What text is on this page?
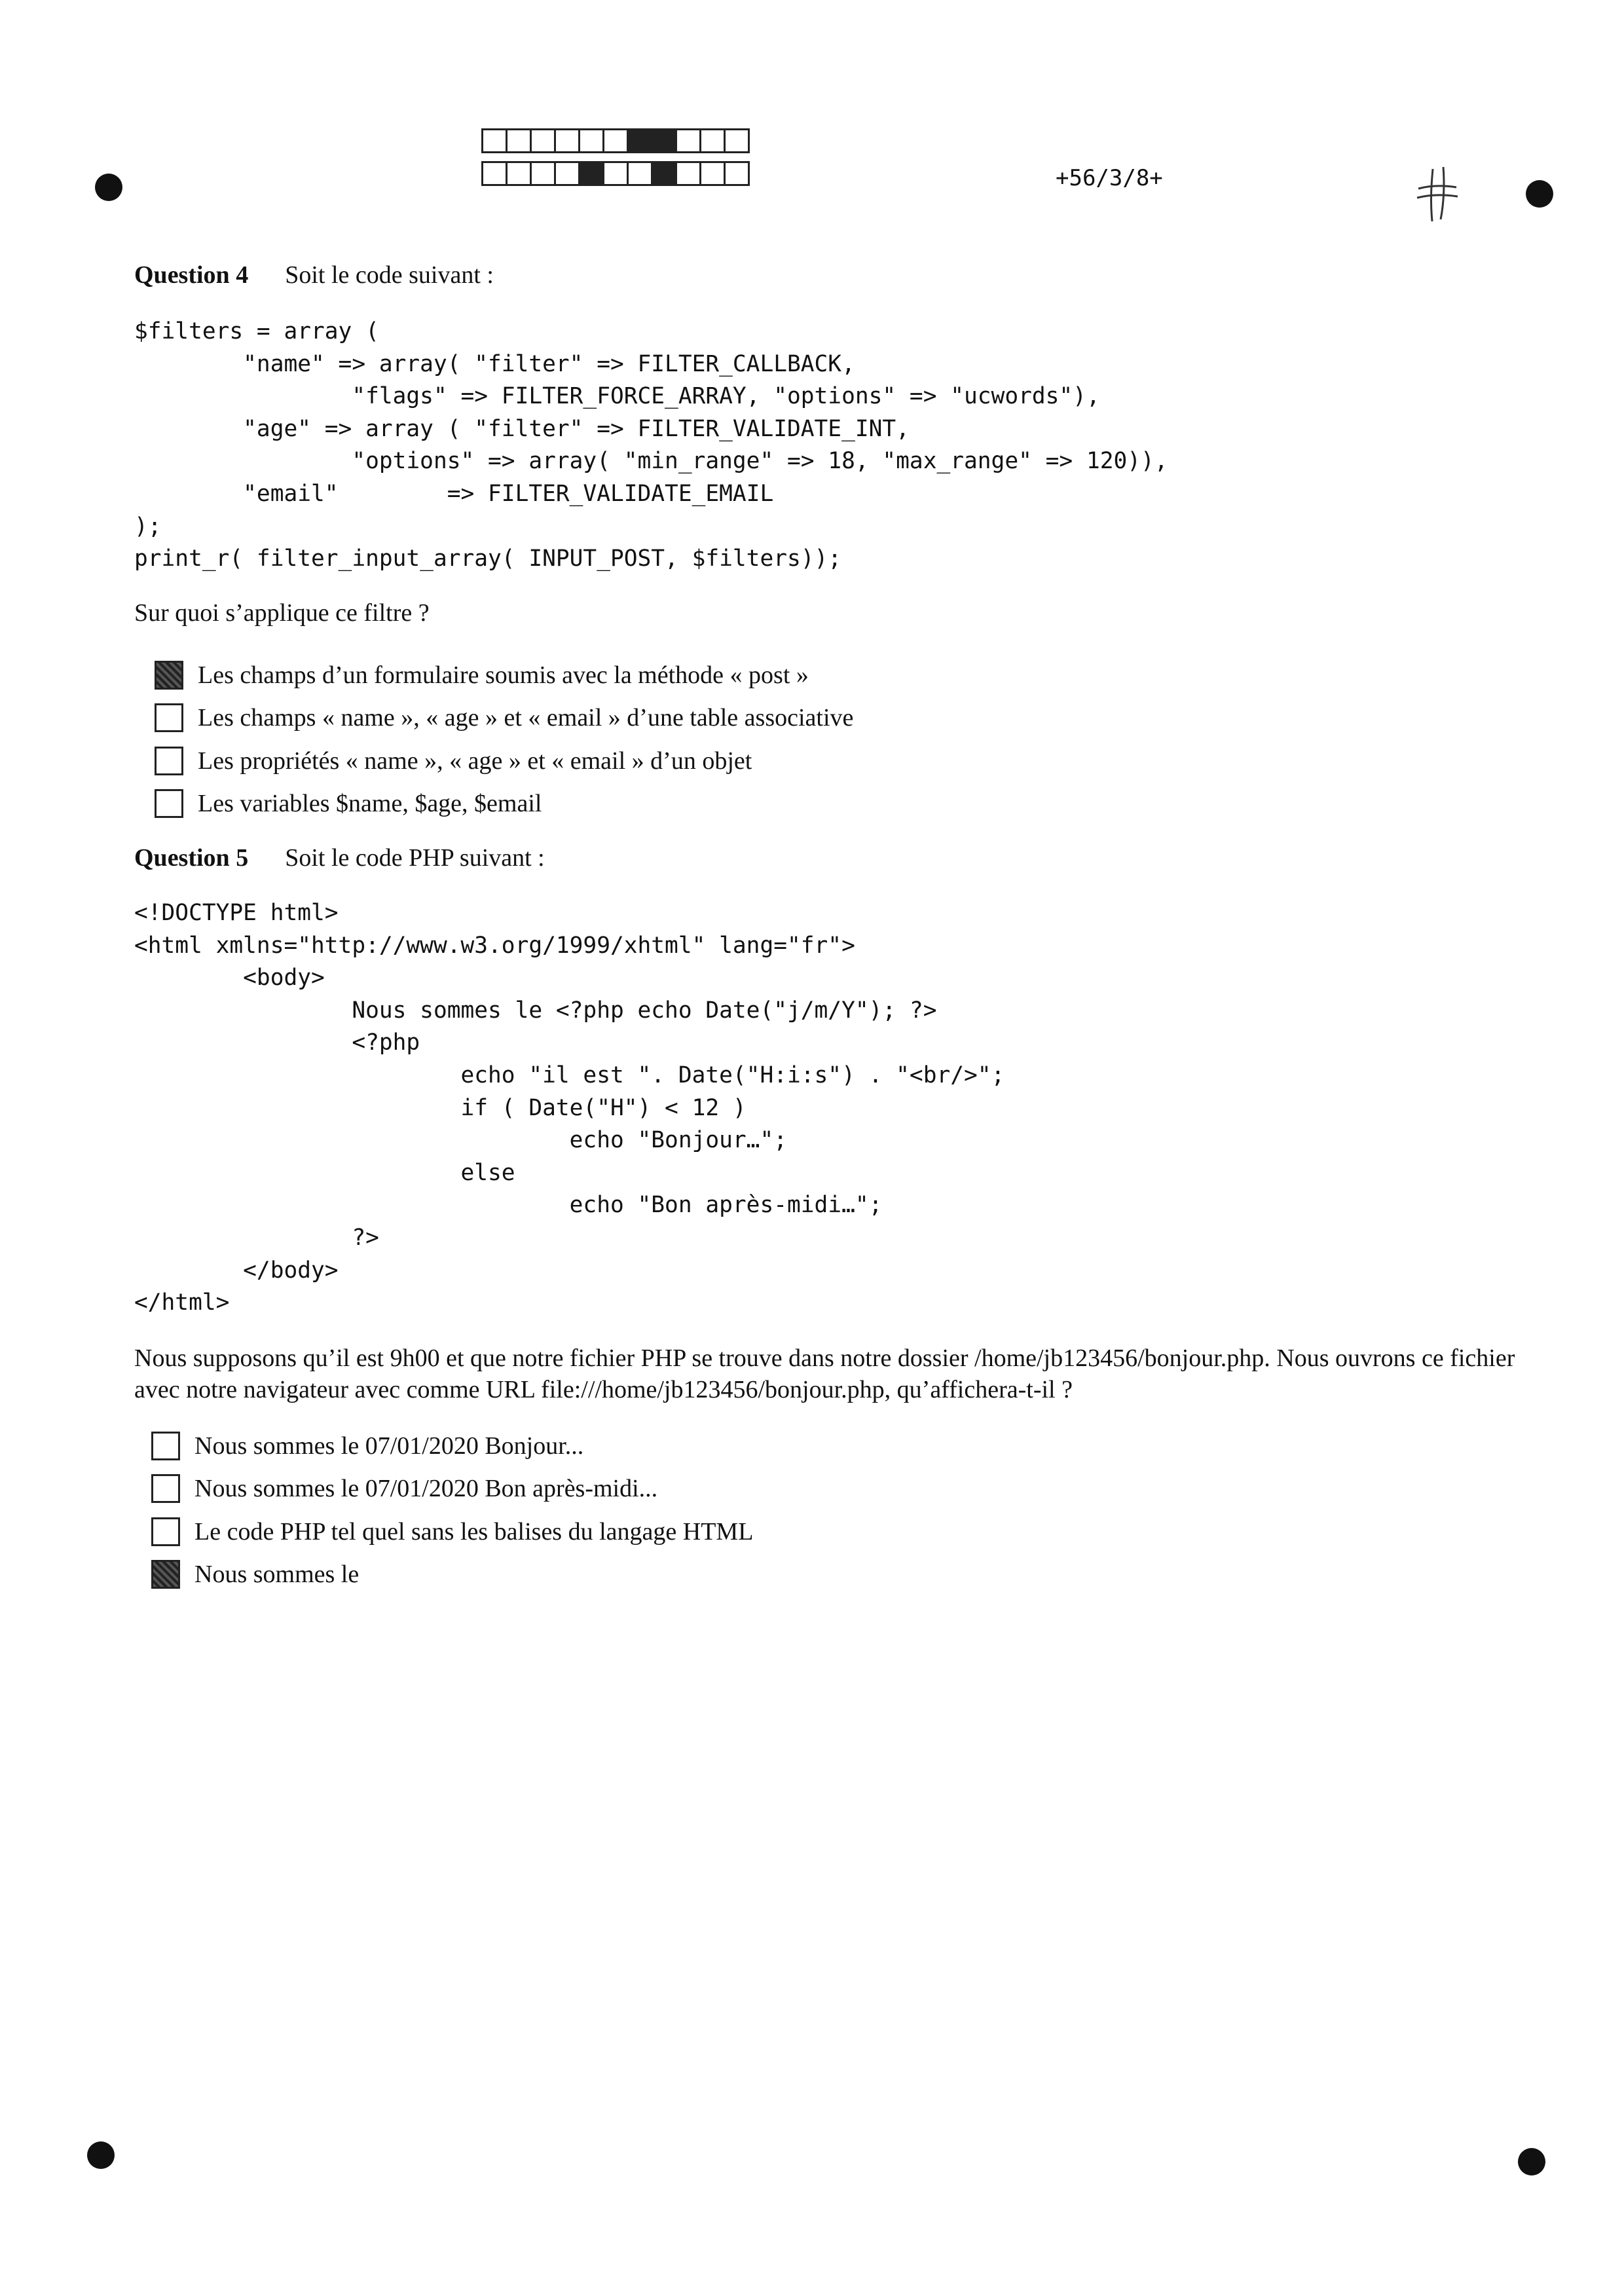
+56/3/8+
Question 4 Soit le code suivant :
$filters = array (
"name" => array( "filter" => FILTER_CALLBACK,
"flags" => FILTER_FORCE_ARRAY, "options" => "ucwords"),
"age" => array ( "filter" => FILTER_VALIDATE_INT,
"options" => array( "min_range" => 18, "max_range" => 120)),
"email"        => FILTER_VALIDATE_EMAIL
);
print_r( filter_input_array( INPUT_POST, $filters));
Sur quoi s’applique ce filtre ?
Les champs d’un formulaire soumis avec la méthode « post »
Les champs « name », « age » et « email » d’une table associative
Les propriétés « name », « age » et « email » d’un objet
Les variables $name, $age, $email
Question 5 Soit le code PHP suivant :
<!DOCTYPE html>
<html xmlns="http://www.w3.org/1999/xhtml" lang="fr">
<body>
Nous sommes le <?php echo Date("j/m/Y"); ?>
<?php
echo "il est ". Date("H:i:s") . "<br/>";
if ( Date("H") < 12 )
echo "Bonjour…";
else
echo "Bon après-midi…";
?>
</body>
</html>
Nous supposons qu’il est 9h00 et que notre fichier PHP se trouve dans notre dossier /home/jb123456/bonjour.php. Nous ouvrons ce fichier avec notre navigateur avec comme URL file:///home/jb123456/bonjour.php, qu’affichera-t-il ?
Nous sommes le 07/01/2020 Bonjour...
Nous sommes le 07/01/2020 Bon après-midi...
Le code PHP tel quel sans les balises du langage HTML
Nous sommes le
